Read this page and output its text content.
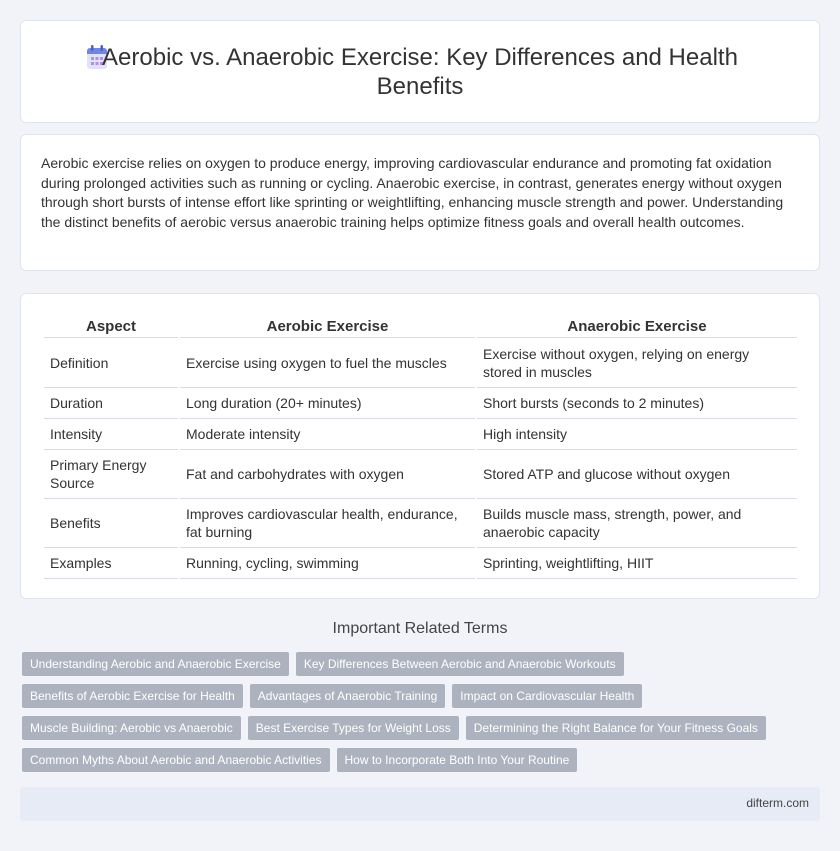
Aerobic vs. Anaerobic Exercise: Key Differences and Health Benefits

Aerobic exercise relies on oxygen to produce energy, improving cardiovascular endurance and promoting fat oxidation during prolonged activities such as running or cycling. Anaerobic exercise, in contrast, generates energy without oxygen through short bursts of intense effort like sprinting or weightlifting, enhancing muscle strength and power. Understanding the distinct benefits of aerobic versus anaerobic training helps optimize fitness goals and overall health outcomes.

Aspect	Aerobic Exercise	Anaerobic Exercise
Definition	Exercise using oxygen to fuel the muscles	Exercise without oxygen, relying on energy stored in muscles
Duration	Long duration (20+ minutes)	Short bursts (seconds to 2 minutes)
Intensity	Moderate intensity	High intensity
Primary Energy Source	Fat and carbohydrates with oxygen	Stored ATP and glucose without oxygen
Benefits	Improves cardiovascular health, endurance, fat burning	Builds muscle mass, strength, power, and anaerobic capacity
Examples	Running, cycling, swimming	Sprinting, weightlifting, HIIT
Important Related Terms
Understanding Aerobic and Anaerobic Exercise	Key Differences Between Aerobic and Anaerobic Workouts
Benefits of Aerobic Exercise for Health	Advantages of Anaerobic Training	Impact on Cardiovascular Health
Muscle Building: Aerobic vs Anaerobic	Best Exercise Types for Weight Loss	Determining the Right Balance for Your Fitness Goals
Common Myths About Aerobic and Anaerobic Activities	How to Incorporate Both Into Your Routine
difterm.com
